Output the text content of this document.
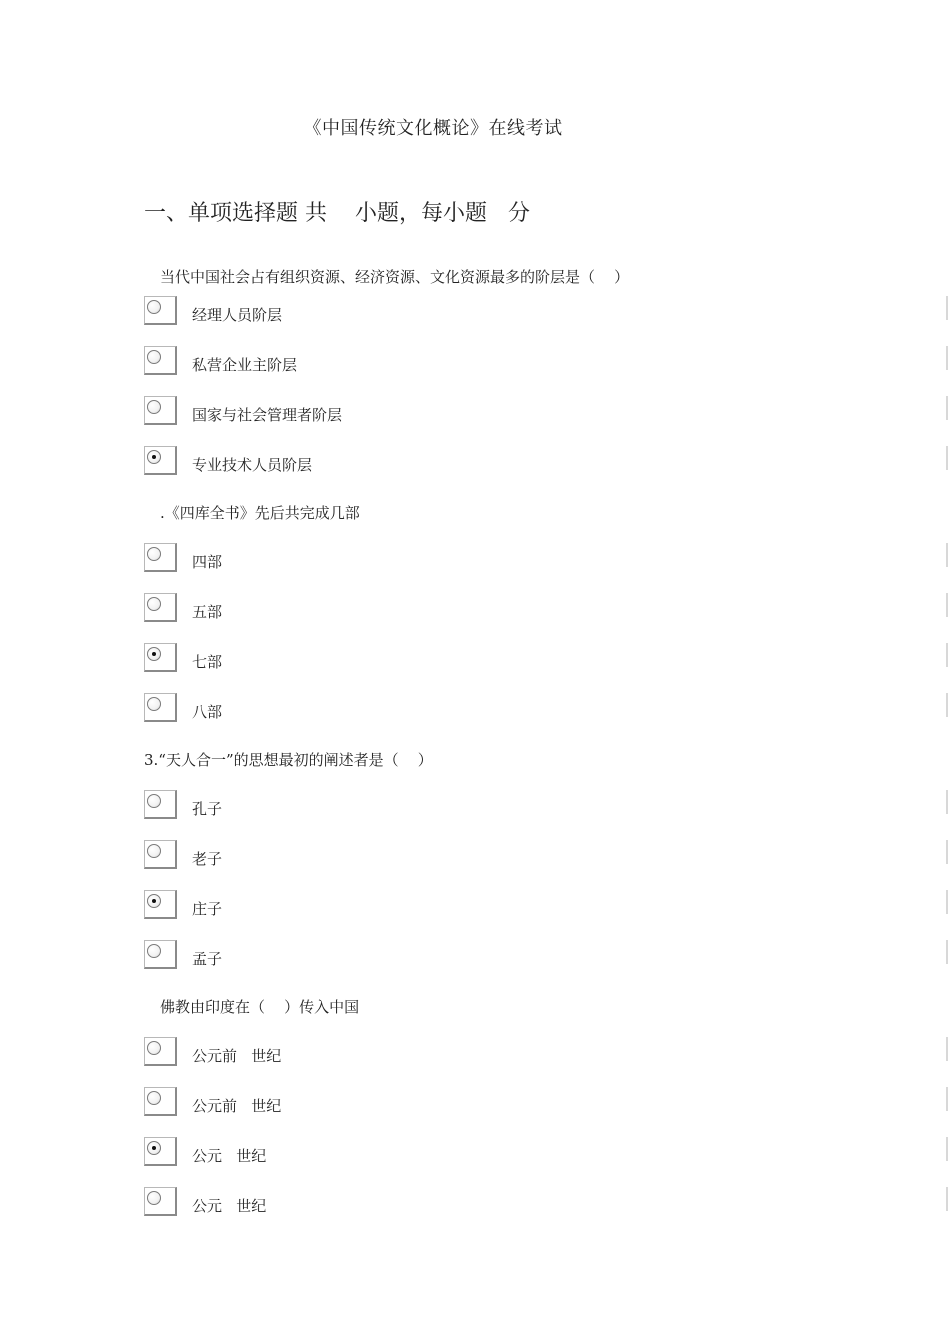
《中国传统文化概论》在线考试
一、单项选择题 共    小题，每小题   分
当代中国社会占有组织资源、经济资源、文化资源最多的阶层是（    ）
经理人员阶层
私营企业主阶层
国家与社会管理者阶层
专业技术人员阶层
.《四库全书》先后共完成几部
四部
五部
七部
八部
3.“天人合一”的思想最初的阐述者是（    ）
孔子
老子
庄子
孟子
佛教由印度在（    ）传入中国
公元前   世纪
公元前   世纪
公元   世纪
公元   世纪
